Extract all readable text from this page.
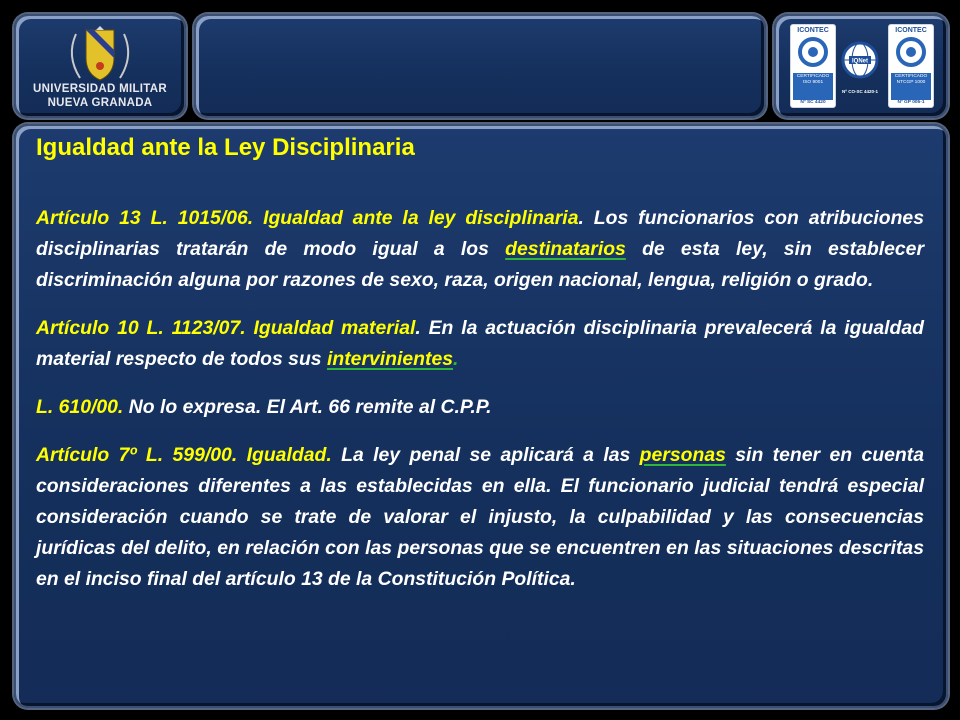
UNIVERSIDAD MILITAR
NUEVA GRANADA
ICONTEC
CERTIFICADO
ISO 9001
Nº SC 4420
IQNet
Nº CO-SC 4420-1
ICONTEC
CERTIFICADO
NTCGP 1000
Nº GP 005-1
Igualdad ante la Ley Disciplinaria

Artículo 13 L. 1015/06. Igualdad ante la ley disciplinaria. Los funcionarios con atribuciones disciplinarias tratarán de modo igual a los destinatarios de esta ley, sin establecer discriminación alguna por razones de sexo, raza, origen nacional, lengua, religión o grado.

Artículo 10 L. 1123/07. Igualdad material. En la actuación disciplinaria prevalecerá la igualdad material respecto de todos sus intervinientes.

L. 610/00. No lo expresa. El Art. 66 remite al C.P.P.

Artículo 7º L. 599/00. Igualdad. La ley penal se aplicará a las personas sin tener en cuenta consideraciones diferentes a las establecidas en ella. El funcionario judicial tendrá especial consideración cuando se trate de valorar el injusto, la culpabilidad y las consecuencias jurídicas del delito, en relación con las personas que se encuentren en las situaciones descritas en el inciso final del artículo 13 de la Constitución Política.
